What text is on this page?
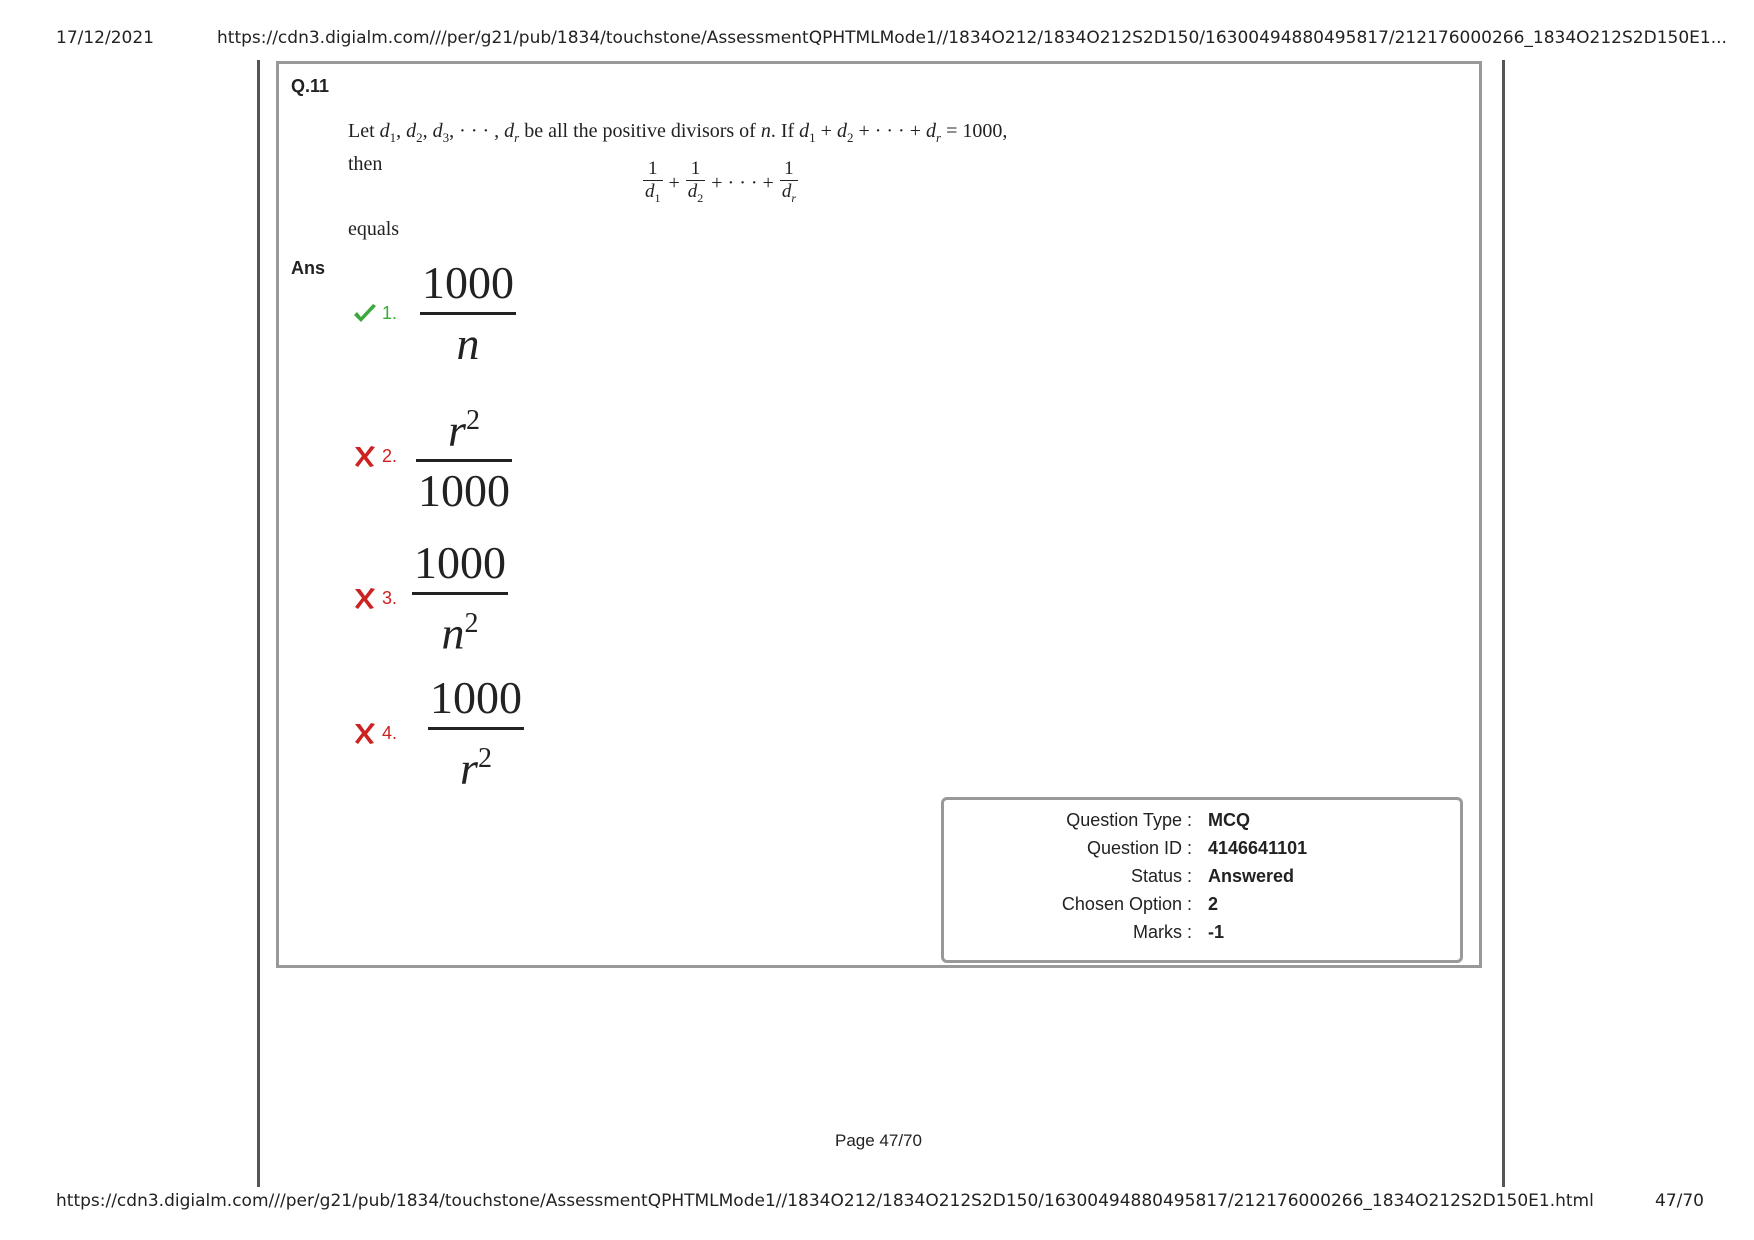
17/12/2021	https://cdn3.digialm.com///per/g21/pub/1834/touchstone/AssessmentQPHTMLMode1//1834O212/1834O212S2D150/16300494880495817/212176000266_1834O212S2D150E1...
Q.11
Let $d_1$, $d_2$, $d_3$, · · · , $d_r$ be all the positive divisors of n. If $d_1 + d_2$ + · · · + $d_r = 1000$,
then	$\frac{1}{d_1} + \frac{1}{d_2}$ + · · · + $\frac{1}{d_r}$
equals
Ans
1. $\frac{1000}{n}$
2. $\frac{r^2}{1000}$
3. $\frac{1000}{n^2}$
4. $\frac{1000}{r^2}$
Question Type : MCQ
Question ID : 4146641101
Status : Answered
Chosen Option : 2
Marks : -1
Page 47/70
https://cdn3.digialm.com///per/g21/pub/1834/touchstone/AssessmentQPHTMLMode1//1834O212/1834O212S2D150/16300494880495817/212176000266_1834O212S2D150E1.html	47/70
